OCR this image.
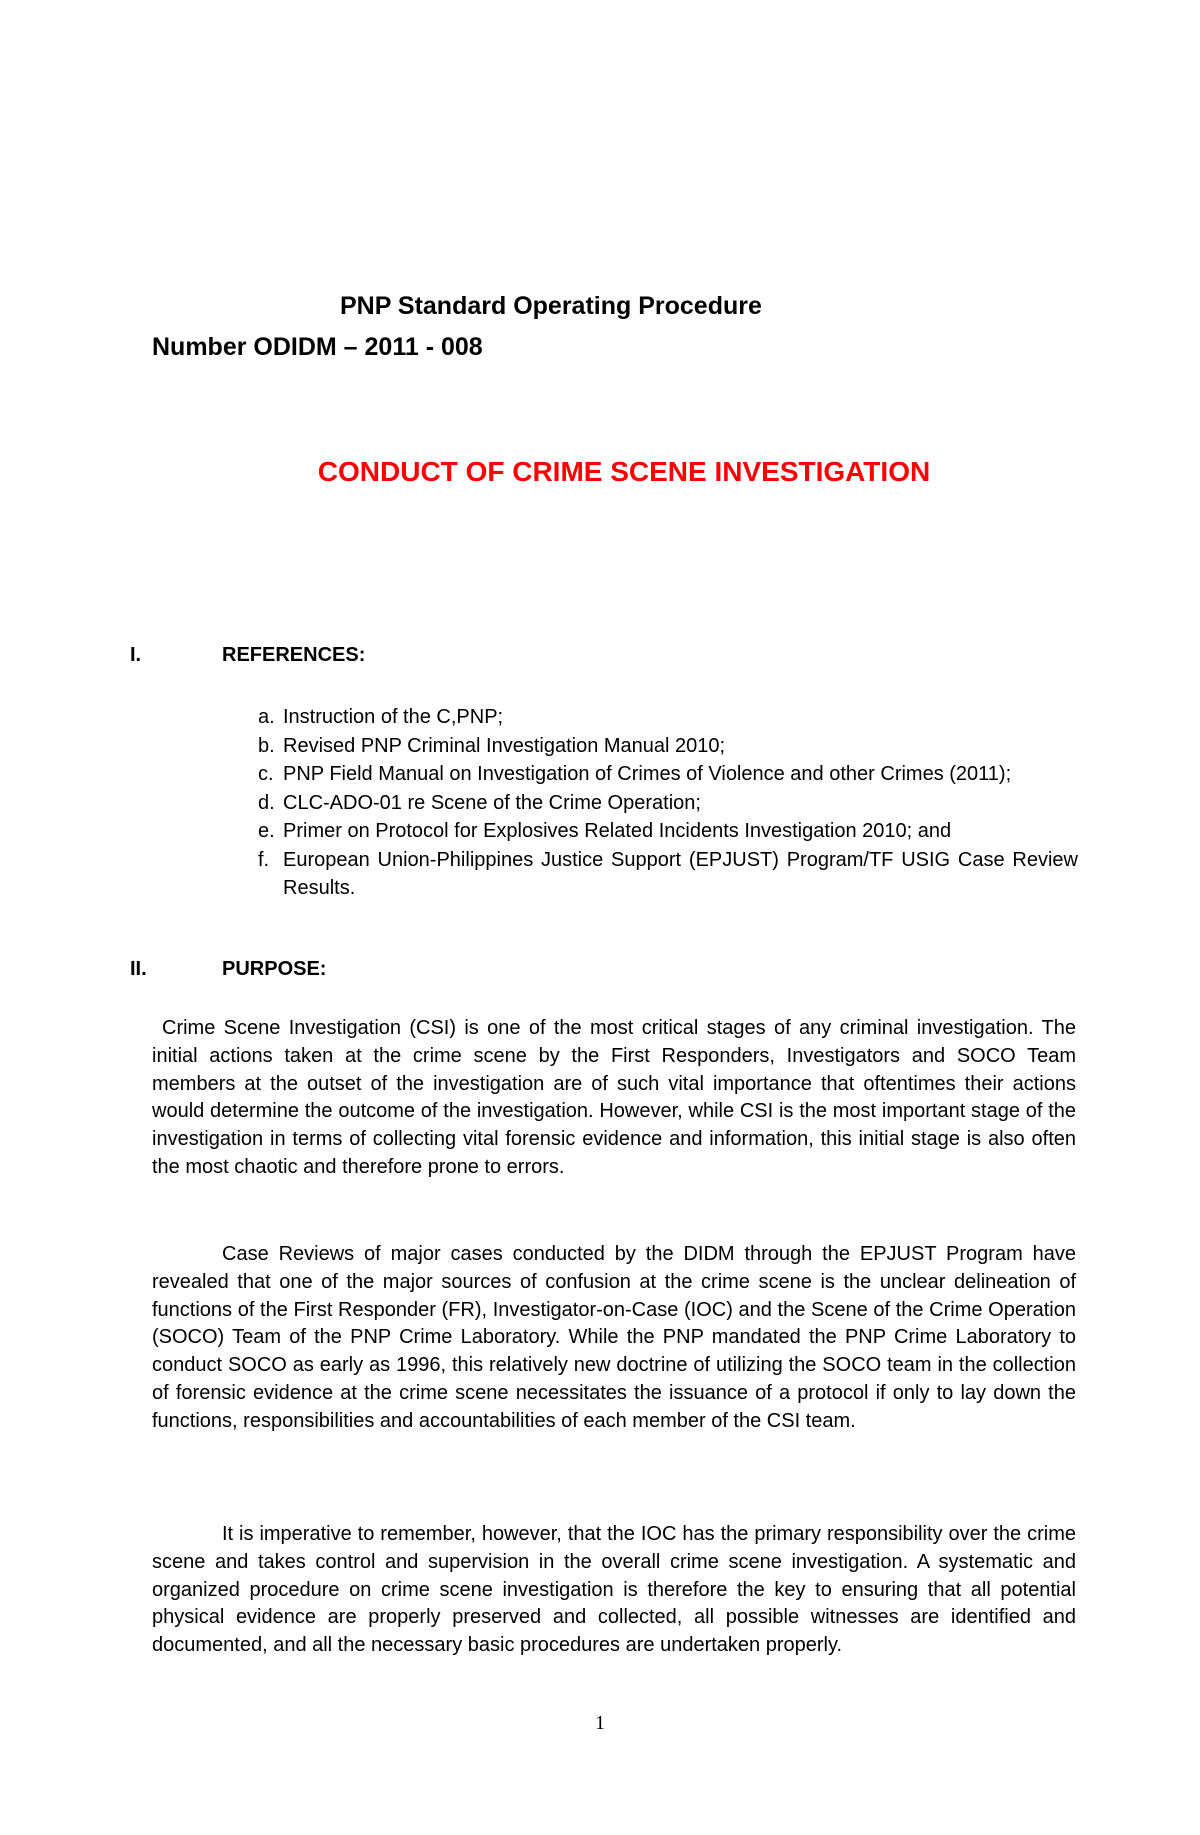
PNP Standard Operating Procedure
Number ODIDM – 2011 - 008
CONDUCT OF CRIME SCENE INVESTIGATION
I.	REFERENCES:
a. Instruction of the C,PNP;
b. Revised PNP Criminal Investigation Manual 2010;
c. PNP Field Manual on Investigation of Crimes of Violence and other Crimes (2011);
d. CLC-ADO-01 re Scene of the Crime Operation;
e. Primer on Protocol for Explosives Related Incidents Investigation 2010; and
f. European Union-Philippines Justice Support (EPJUST) Program/TF USIG Case Review Results.
II.	PURPOSE:

Crime Scene Investigation (CSI) is one of the most critical stages of any criminal investigation. The initial actions taken at the crime scene by the First Responders, Investigators and SOCO Team members at the outset of the investigation are of such vital importance that oftentimes their actions would determine the outcome of the investigation. However, while CSI is the most important stage of the investigation in terms of collecting vital forensic evidence and information, this initial stage is also often the most chaotic and therefore prone to errors.

Case Reviews of major cases conducted by the DIDM through the EPJUST Program have revealed that one of the major sources of confusion at the crime scene is the unclear delineation of functions of the First Responder (FR), Investigator-on-Case (IOC) and the Scene of the Crime Operation (SOCO) Team of the PNP Crime Laboratory. While the PNP mandated the PNP Crime Laboratory to conduct SOCO as early as 1996, this relatively new doctrine of utilizing the SOCO team in the collection of forensic evidence at the crime scene necessitates the issuance of a protocol if only to lay down the functions, responsibilities and accountabilities of each member of the CSI team.

It is imperative to remember, however, that the IOC has the primary responsibility over the crime scene and takes control and supervision in the overall crime scene investigation. A systematic and organized procedure on crime scene investigation is therefore the key to ensuring that all potential physical evidence are properly preserved and collected, all possible witnesses are identified and documented, and all the necessary basic procedures are undertaken properly.

1
